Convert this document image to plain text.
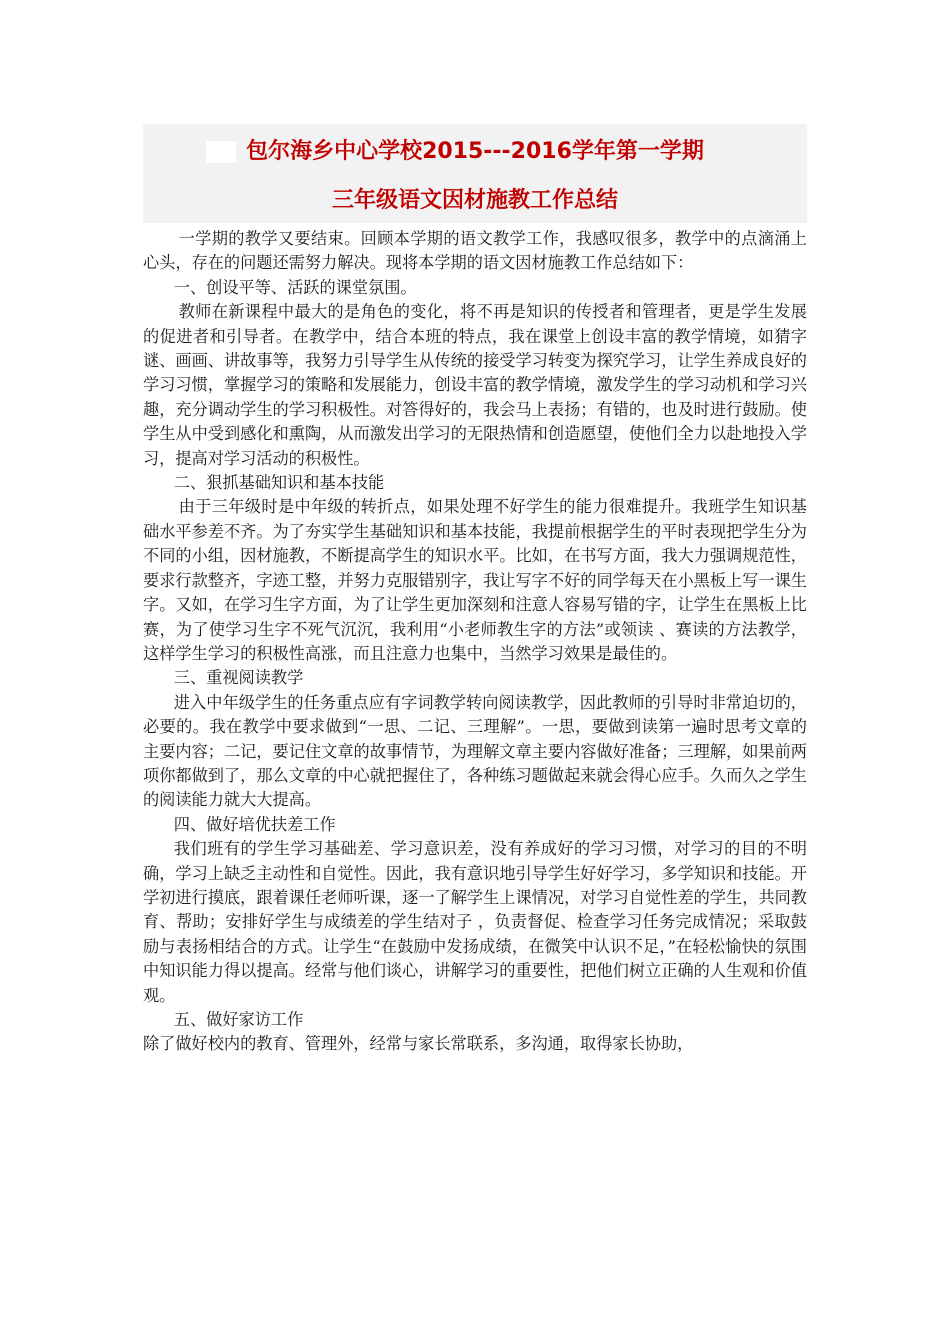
包尔海乡中心学校2015---2016学年第一学期
三年级语文因材施教工作总结

一学期的教学又要结束。回顾本学期的语文教学工作，我感叹很多，教学中的点滴涌上心头，存在的问题还需努力解决。现将本学期的语文因材施教工作总结如下：

一、创设平等、活跃的课堂氛围。

教师在新课程中最大的是角色的变化，将不再是知识的传授者和管理者，更是学生发展的促进者和引导者。在教学中，结合本班的特点，我在课堂上创设丰富的教学情境，如猜字谜、画画、讲故事等，我努力引导学生从传统的接受学习转变为探究学习，让学生养成良好的学习习惯，掌握学习的策略和发展能力，创设丰富的教学情境，激发学生的学习动机和学习兴趣，充分调动学生的学习积极性。对答得好的，我会马上表扬；有错的，也及时进行鼓励。使学生从中受到感化和熏陶，从而激发出学习的无限热情和创造愿望，使他们全力以赴地投入学习，提高对学习活动的积极性。

二、狠抓基础知识和基本技能

由于三年级时是中年级的转折点，如果处理不好学生的能力很难提升。我班学生知识基础水平参差不齐。为了夯实学生基础知识和基本技能，我提前根据学生的平时表现把学生分为不同的小组，因材施教，不断提高学生的知识水平。比如，在书写方面，我大力强调规范性，要求行款整齐，字迹工整，并努力克服错别字，我让写字不好的同学每天在小黑板上写一课生字。又如，在学习生字方面，为了让学生更加深刻和注意人容易写错的字，让学生在黑板上比赛，为了使学习生字不死气沉沉，我利用“小老师教生字的方法”或领读 、赛读的方法教学，这样学生学习的积极性高涨，而且注意力也集中，当然学习效果是最佳的。

三、重视阅读教学

进入中年级学生的任务重点应有字词教学转向阅读教学，因此教师的引导时非常迫切的，必要的。我在教学中要求做到“一思、二记、三理解”。一思，要做到读第一遍时思考文章的主要内容；二记，要记住文章的故事情节，为理解文章主要内容做好准备；三理解，如果前两项你都做到了，那么文章的中心就把握住了，各种练习题做起来就会得心应手。久而久之学生的阅读能力就大大提高。

四、做好培优扶差工作

我们班有的学生学习基础差、学习意识差，没有养成好的学习习惯，对学习的目的不明确，学习上缺乏主动性和自觉性。因此，我有意识地引导学生好好学习，多学知识和技能。开学初进行摸底，跟着课任老师听课，逐一了解学生上课情况，对学习自觉性差的学生，共同教育、帮助；安排好学生与成绩差的学生结对子 ，负责督促、检查学习任务完成情况；采取鼓励与表扬相结合的方式。让学生“在鼓励中发扬成绩，在微笑中认识不足，”在轻松愉快的氛围中知识能力得以提高。经常与他们谈心，讲解学习的重要性，把他们树立正确的人生观和价值观。

五、做好家访工作

除了做好校内的教育、管理外，经常与家长常联系，多沟通，取得家长协助，
